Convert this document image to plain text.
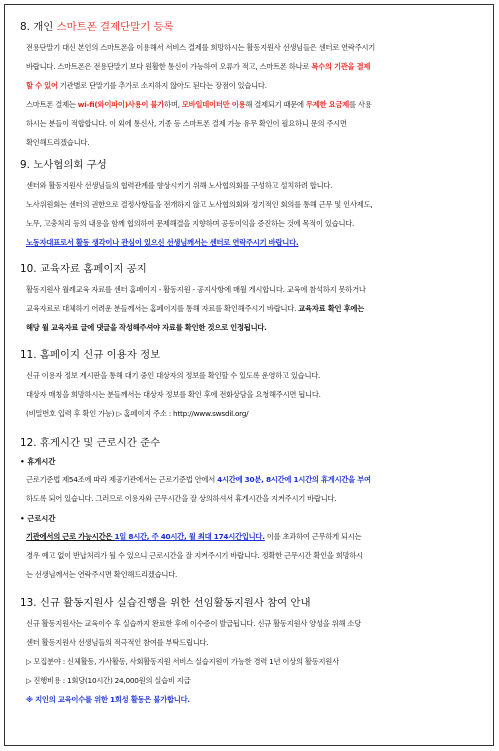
8. 개인 스마트폰 결제단말기 등록

전용단말기 대신 본인의 스마트폰을 이용해서 서비스 결제를 희망하시는 활동지원사 선생님들은 센터로 연락주시기

바랍니다. 스마트폰은 전용단말기 보다 원활한 통신이 가능하여 오류가 적고, 스마트폰 하나로 복수의 기관을 결제

할 수 있어 기관별로 단말기를 추가로 소지하지 않아도 된다는 장점이 있습니다.

스마트폰 결제는 wi-fi(와이파이)사용이 불가하며, 모바일데이터만 이용해 결제되기 때문에 무제한 요금제를 사용

하시는 분들이 적합합니다. 이 외에 통신사, 기종 등 스마트폰 결제 가능 유무 확인이 필요하니 문의 주시면

확인해드리겠습니다.

9. 노사협의회 구성

센터와 활동지원사 선생님들의 협력관계를 향상시키기 위해 노사협의회를 구성하고 설치하려 합니다.

노사위원회는 센터의 권한으로 결정사항들을 전개하지 않고 노사협의회와 정기적인 회의를 통해 근무 및 인사제도,

노무, 고충처리 등의 내용을 함께 협의하여 문제해결을 지향하며 공동이익을 증진하는 것에 목적이 있습니다.

노동자대표로서 활동 생각이나 관심이 있으신 선생님께서는 센터로 연락주시기 바랍니다.

10. 교육자료 홈페이지 공지

활동지원사 월례교육 자료를 센터 홈페이지 - 활동지원 - 공지사항에 매월 게시합니다. 교육에 참석하지 못하거나

교육자료로 대체하기 어려운 분들께서는 홈페이지를 통해 자료를 확인해주시기 바랍니다. 교육자료 확인 후에는

해당 월 교육자료 글에 댓글을 작성해주셔야 자료를 확인한 것으로 인정됩니다.

11. 홈페이지 신규 이용자 정보

신규 이용자 정보 게시판을 통해 대기 중인 대상자의 정보를 확인할 수 있도록 운영하고 있습니다.

대상자 매칭을 희망하시는 분들께서는 대상자 정보를 확인 후에 전화상담을 요청해주시면 됩니다.

(비밀번호 입력 후 확인 가능) ▷ 홈페이지 주소 : http://www.swsdil.org/

12. 휴게시간 및 근로시간 준수

• 휴게시간

근로기준법 제54조에 따라 제공기관에서는 근로기준법 안에서 4시간에 30분, 8시간에 1시간의 휴게시간을 부여

하도록 되어 있습니다. 그러므로 이용자와 근무시간을 잘 상의하셔서 휴게시간을 지켜주시기 바랍니다.

• 근로시간

기관에서의 근로 가능시간은 1일 8시간, 주 40시간, 월 최대 174시간입니다. 이를 초과하여 근무하게 되시는

경우 예고 없이 반납처리가 될 수 있으니 근로시간을 잘 지켜주시기 바랍니다. 정확한 근무시간 확인을 희망하시

는 선생님께서는 연락주시면 확인해드리겠습니다.

13. 신규 활동지원사 실습진행을 위한 선임활동지원사 참여 안내

신규 활동지원사는 교육이수 후 실습까지 완료한 후에 이수증이 발급됩니다. 신규 활동지원사 양성을 위해 소당

센터 활동지원사 선생님들의 적극적인 참여를 부탁드립니다.

▷ 모집분야 : 신체활동, 가사활동, 사회활동지원 서비스 실습지원이 가능한 경력 1년 이상의 활동지원사

▷ 진행비용 : 1회당(10시간) 24,000원의 실습비 지급

※ 지인의 교육이수를 위한 1회성 활동은 불가합니다.
